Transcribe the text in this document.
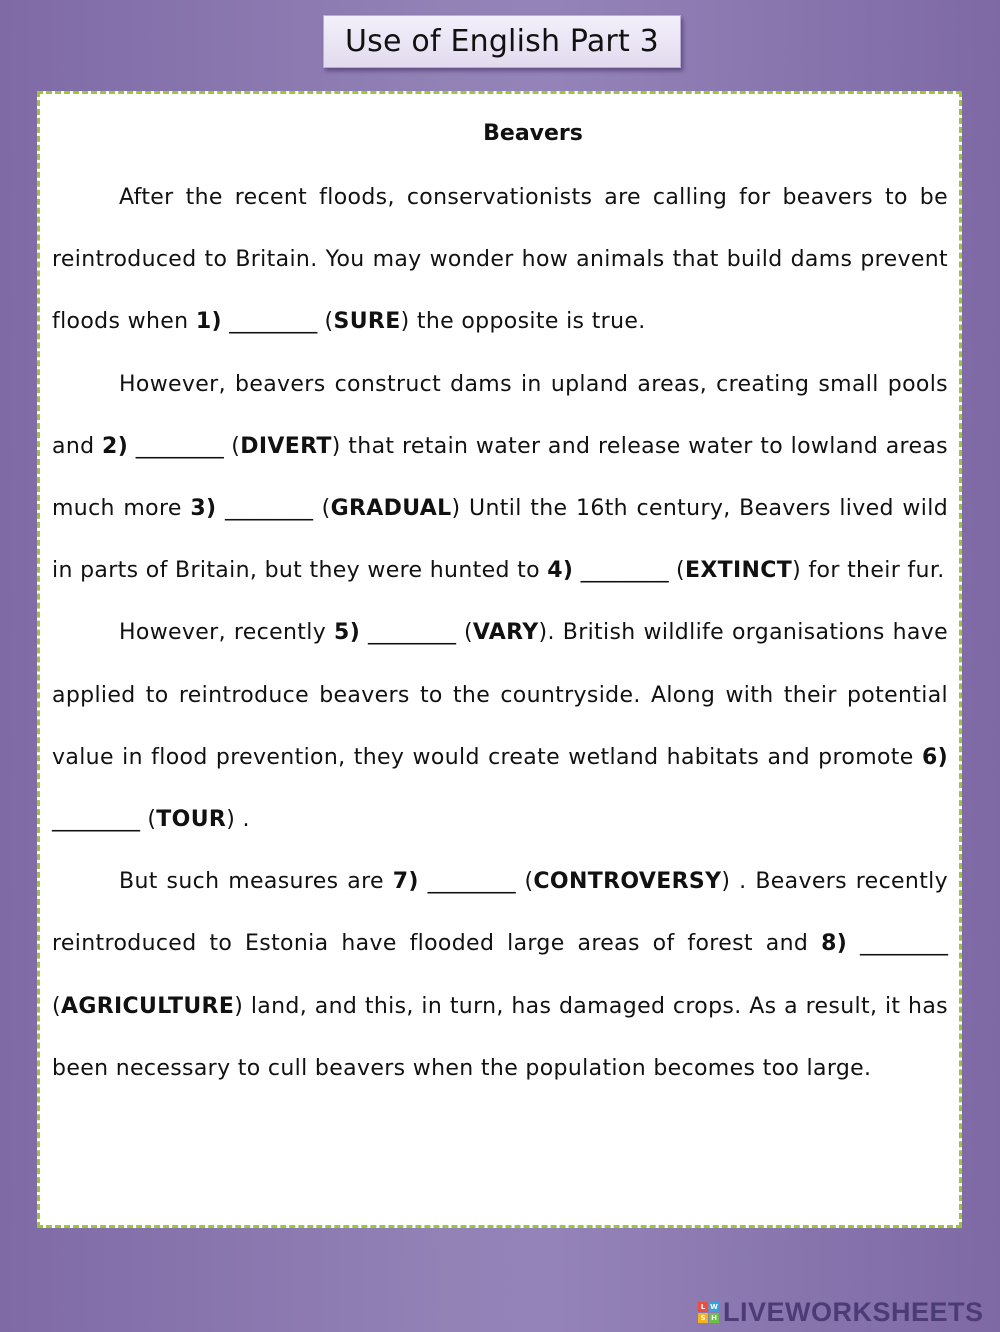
Use of English Part 3
Beavers

After the recent floods, conservationists are calling for beavers to be reintroduced to Britain. You may wonder how animals that build dams prevent floods when 1) ________ (SURE) the opposite is true.

However, beavers construct dams in upland areas, creating small pools and 2) ________ (DIVERT) that retain water and release water to lowland areas much more 3) ________ (GRADUAL) Until the 16th century, Beavers lived wild in parts of Britain, but they were hunted to 4) ________ (EXTINCT) for their fur.

However, recently 5) ________ (VARY). British wildlife organisations have applied to reintroduce beavers to the countryside. Along with their potential value in flood prevention, they would create wetland habitats and promote 6) ________ (TOUR) .

But such measures are 7) ________ (CONTROVERSY) . Beavers recently reintroduced to Estonia have flooded large areas of forest and 8) ________ (AGRICULTURE) land, and this, in turn, has damaged crops. As a result, it has been necessary to cull beavers when the population becomes too large.

L W
S H LIVEWORKSHEETS
